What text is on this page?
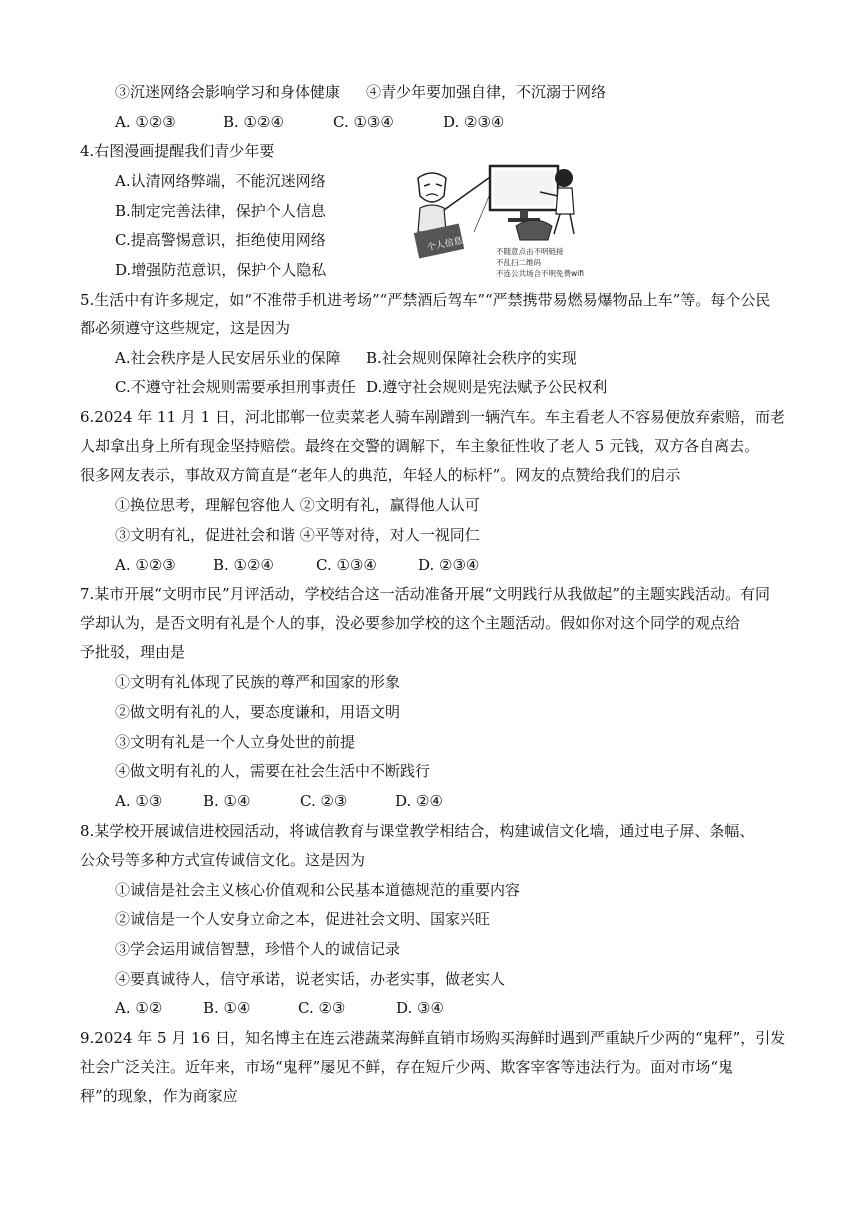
③沉迷网络会影响学习和身体健康 ④青少年要加强自律，不沉溺于网络
A. ①②③	B. ①②④	C. ①③④	D. ②③④
4.右图漫画提醒我们青少年要
A.认清网络弊端，不能沉迷网络
B.制定完善法律，保护个人信息
C.提高警惕意识，拒绝使用网络
D.增强防范意识，保护个人隐私
个人信息	不随意点击不明链接
不乱扫二维码
不连公共场合不明免费wifi
5.生活中有许多规定，如“不准带手机进考场”“严禁酒后驾车”“严禁携带易燃易爆物品上车”等。每个公民
都必须遵守这些规定，这是因为
A.社会秩序是人民安居乐业的保障 B.社会规则保障社会秩序的实现
C.不遵守社会规则需要承担刑事责任 D.遵守社会规则是宪法赋予公民权利
6.2024 年 11 月 1 日，河北邯郸一位卖菜老人骑车剐蹭到一辆汽车。车主看老人不容易便放弃索赔，而老
人却拿出身上所有现金坚持赔偿。最终在交警的调解下，车主象征性收了老人 5 元钱，双方各自离去。
很多网友表示，事故双方简直是“老年人的典范，年轻人的标杆”。网友的点赞给我们的启示
①换位思考，理解包容他人 ②文明有礼，赢得他人认可
③文明有礼，促进社会和谐 ④平等对待，对人一视同仁
A. ①②③ B. ①②④	C. ①③④	D. ②③④
7.某市开展“文明市民”月评活动，学校结合这一活动准备开展“文明践行从我做起”的主题实践活动。有同
学却认为，是否文明有礼是个人的事，没必要参加学校的这个主题活动。假如你对这个同学的观点给
予批驳，理由是
①文明有礼体现了民族的尊严和国家的形象
②做文明有礼的人，要态度谦和，用语文明
③文明有礼是一个人立身处世的前提
④做文明有礼的人，需要在社会生活中不断践行
A. ①③	B. ①④	C. ②③	D. ②④
8.某学校开展诚信进校园活动，将诚信教育与课堂教学相结合，构建诚信文化墙，通过电子屏、条幅、
公众号等多种方式宣传诚信文化。这是因为
①诚信是社会主义核心价值观和公民基本道德规范的重要内容
②诚信是一个人安身立命之本，促进社会文明、国家兴旺
③学会运用诚信智慧，珍惜个人的诚信记录
④要真诚待人，信守承诺，说老实话，办老实事，做老实人
A. ①②	B. ①④	C. ②③	D. ③④
9.2024 年 5 月 16 日，知名博主在连云港蔬菜海鲜直销市场购买海鲜时遇到严重缺斤少两的“鬼秤”，引发
社会广泛关注。近年来，市场“鬼秤”屡见不鲜，存在短斤少两、欺客宰客等违法行为。面对市场“鬼
秤”的现象，作为商家应
